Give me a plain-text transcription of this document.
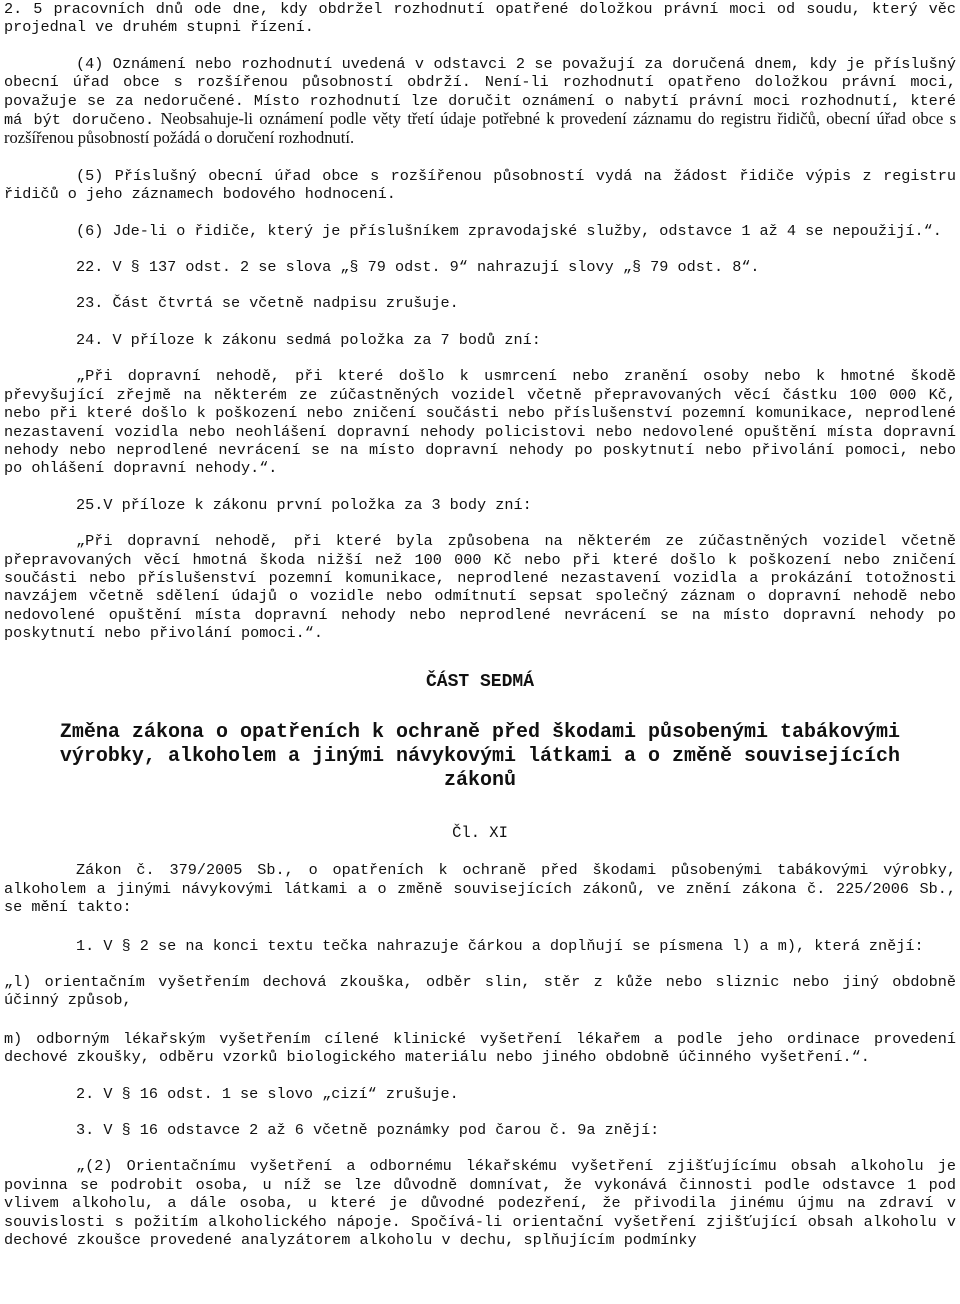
2. 5 pracovních dnů ode dne, kdy obdržel rozhodnutí opatřené doložkou právní moci od soudu, který věc projednal ve druhém stupni řízení.

(4) Oznámení nebo rozhodnutí uvedená v odstavci 2 se považují za doručená dnem, kdy je příslušný obecní úřad obce s rozšířenou působností obdrží. Není-li rozhodnutí opatřeno doložkou právní moci, považuje se za nedoručené. Místo rozhodnutí lze doručit oznámení o nabytí právní moci rozhodnutí, které má být doručeno. Neobsahuje-li oznámení podle věty třetí údaje potřebné k provedení záznamu do registru řidičů, obecní úřad obce s rozšířenou působností požádá o doručení rozhodnutí.

(5) Příslušný obecní úřad obce s rozšířenou působností vydá na žádost řidiče výpis z registru řidičů o jeho záznamech bodového hodnocení.

(6) Jde-li o řidiče, který je příslušníkem zpravodajské služby, odstavce 1 až 4 se nepoužijí.“.

22. V § 137 odst. 2 se slova „§ 79 odst. 9“ nahrazují slovy „§ 79 odst. 8“.

23. Část čtvrtá se včetně nadpisu zrušuje.

24. V příloze k zákonu sedmá položka za 7 bodů zní:

„Při dopravní nehodě, při které došlo k usmrcení nebo zranění osoby nebo k hmotné škodě převyšující zřejmě na některém ze zúčastněných vozidel včetně přepravovaných věcí částku 100 000 Kč, nebo při které došlo k poškození nebo zničení součásti nebo příslušenství pozemní komunikace, neprodlené nezastavení vozidla nebo neohlášení dopravní nehody policistovi nebo nedovolené opuštění místa dopravní nehody nebo neprodlené nevrácení se na místo dopravní nehody po poskytnutí nebo přivolání pomoci, nebo po ohlášení dopravní nehody.“.

25.V příloze k zákonu první položka za 3 body zní:

„Při dopravní nehodě, při které byla způsobena na některém ze zúčastněných vozidel včetně přepravovaných věcí hmotná škoda nižší než 100 000 Kč nebo při které došlo k poškození nebo zničení součásti nebo příslušenství pozemní komunikace, neprodlené nezastavení vozidla a prokázání totožnosti navzájem včetně sdělení údajů o vozidle nebo odmítnutí sepsat společný záznam o dopravní nehodě nebo nedovolené opuštění místa dopravní nehody nebo neprodlené nevrácení se na místo dopravní nehody po poskytnutí nebo přivolání pomoci.“.

ČÁST SEDMÁ
Změna zákona o opatřeních k ochraně před škodami působenými tabákovými výrobky, alkoholem a jinými návykovými látkami a o změně souvisejících zákonů
Čl. XI

Zákon č. 379/2005 Sb., o opatřeních k ochraně před škodami působenými tabákovými výrobky, alkoholem a jinými návykovými látkami a o změně souvisejících zákonů, ve znění zákona č. 225/2006 Sb., se mění takto:

1. V § 2 se na konci textu tečka nahrazuje čárkou a doplňují se písmena l) a m), která znějí:

„l) orientačním vyšetřením dechová zkouška, odběr slin, stěr z kůže nebo sliznic nebo jiný obdobně účinný způsob,

m) odborným lékařským vyšetřením cílené klinické vyšetření lékařem a podle jeho ordinace provedení dechové zkoušky, odběru vzorků biologického materiálu nebo jiného obdobně účinného vyšetření.“.

2. V § 16 odst. 1 se slovo „cizí“ zrušuje.

3. V § 16 odstavce 2 až 6 včetně poznámky pod čarou č. 9a znějí:

„(2) Orientačnímu vyšetření a odbornému lékařskému vyšetření zjišťujícímu obsah alkoholu je povinna se podrobit osoba, u níž se lze důvodně domnívat, že vykonává činnosti podle odstavce 1 pod vlivem alkoholu, a dále osoba, u které je důvodné podezření, že přivodila jinému újmu na zdraví v souvislosti s požitím alkoholického nápoje. Spočívá-li orientační vyšetření zjišťující obsah alkoholu v dechové zkoušce provedené analyzátorem alkoholu v dechu, splňujícím podmínky
